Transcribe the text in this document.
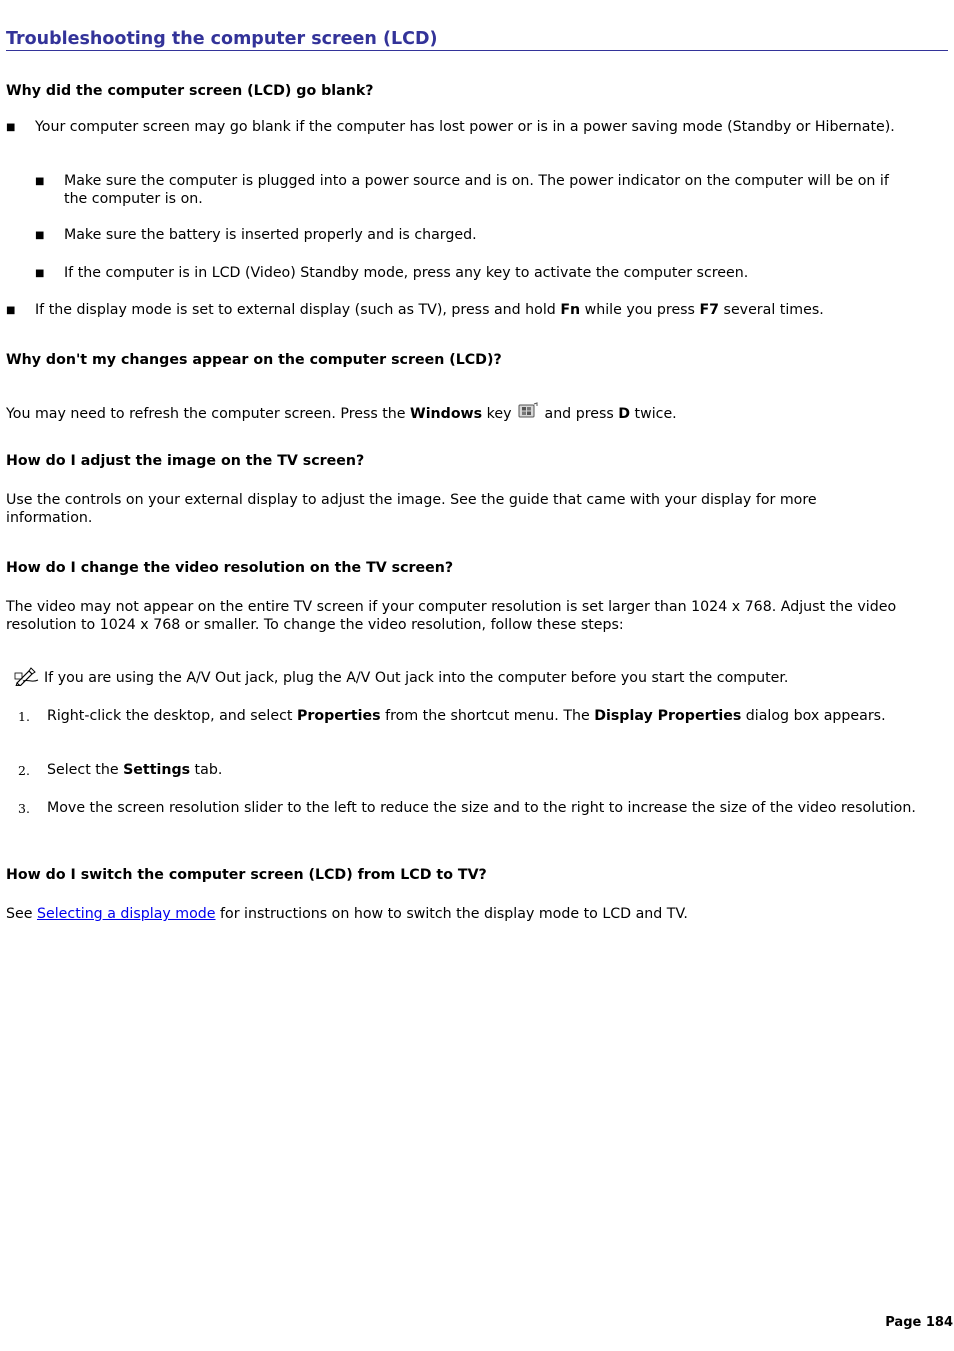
Troubleshooting the computer screen (LCD)
Why did the computer screen (LCD) go blank?
■ Your computer screen may go blank if the computer has lost power or is in a power saving mode (Standby or Hibernate).
■ Make sure the computer is plugged into a power source and is on. The power indicator on the computer will be on if the computer is on.
■ Make sure the battery is inserted properly and is charged.
■ If the computer is in LCD (Video) Standby mode, press any key to activate the computer screen.
■ If the display mode is set to external display (such as TV), press and hold Fn while you press F7 several times.
Why don't my changes appear on the computer screen (LCD)?
You may need to refresh the computer screen. Press the Windows key  and press D twice.
How do I adjust the image on the TV screen?
Use the controls on your external display to adjust the image. See the guide that came with your display for more information.
How do I change the video resolution on the TV screen?
The video may not appear on the entire TV screen if your computer resolution is set larger than 1024 x 768. Adjust the video resolution to 1024 x 768 or smaller. To change the video resolution, follow these steps:
If you are using the A/V Out jack, plug the A/V Out jack into the computer before you start the computer.
1. Right-click the desktop, and select Properties from the shortcut menu. The Display Properties dialog box appears.
2. Select the Settings tab.
3. Move the screen resolution slider to the left to reduce the size and to the right to increase the size of the video resolution.
How do I switch the computer screen (LCD) from LCD to TV?
See Selecting a display mode for instructions on how to switch the display mode to LCD and TV.
Page 184
